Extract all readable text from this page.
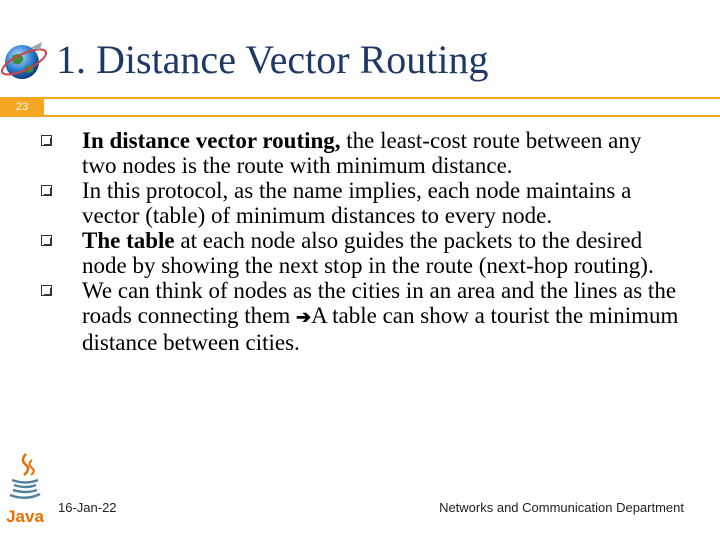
1. Distance Vector Routing
23
In distance vector routing, the least-cost route between any two nodes is the route with minimum distance.
In this protocol, as the name implies, each node maintains a vector (table) of minimum distances to every node.
The table at each node also guides the packets to the desired node by showing the next stop in the route (next-hop routing).
We can think of nodes as the cities in an area and the lines as the roads connecting them ➔A table can show a tourist the minimum distance between cities.
Java 16-Jan-22	Networks and Communication Department
